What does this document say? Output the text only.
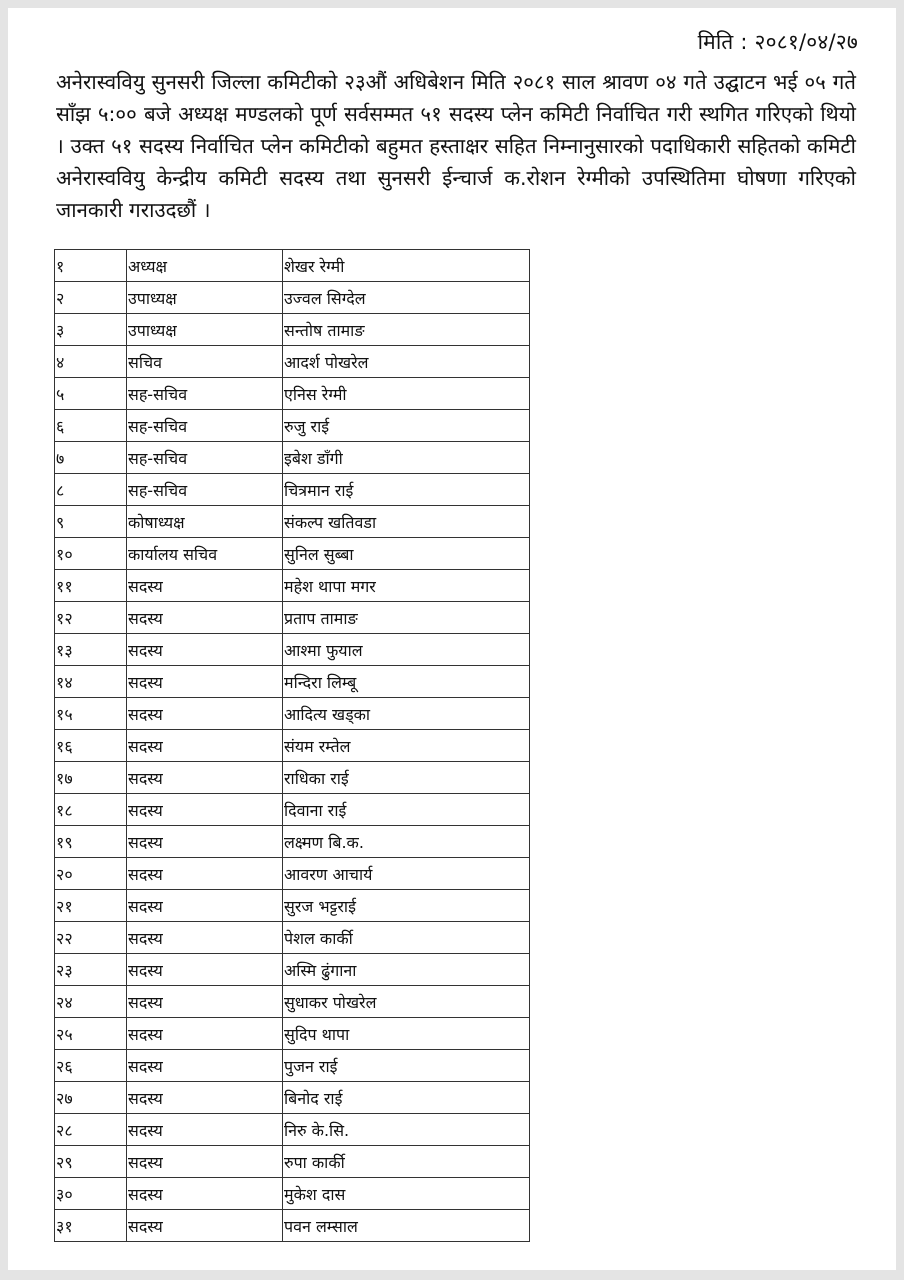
मिति : २०८१/०४/२७

अनेरास्ववियु सुनसरी जिल्ला कमिटीको २३औं अधिबेशन मिति २०८१ साल श्रावण ०४ गते उद्घाटन भई ०५ गते साँझ ५:०० बजे अध्यक्ष मण्डलको पूर्ण सर्वसम्मत ५१ सदस्य प्लेन कमिटी निर्वाचित गरी स्थगित गरिएको थियो । उक्त ५१ सदस्य निर्वाचित प्लेन कमिटीको बहुमत हस्ताक्षर सहित निम्नानुसारको पदाधिकारी सहितको कमिटी अनेरास्ववियु केन्द्रीय कमिटी सदस्य तथा सुनसरी ईन्चार्ज क.रोशन रेग्मीको उपस्थितिमा घोषणा गरिएको जानकारी गराउदछौं ।

१	अध्यक्ष	शेखर रेग्मी
२	उपाध्यक्ष	उज्वल सिग्देल
३	उपाध्यक्ष	सन्तोष तामाङ
४	सचिव	आदर्श पोखरेल
५	सह-सचिव	एनिस रेग्मी
६	सह-सचिव	रुजु राई
७	सह-सचिव	इबेश डाँगी
८	सह-सचिव	चित्रमान राई
९	कोषाध्यक्ष	संकल्प खतिवडा
१०	कार्यालय सचिव	सुनिल सुब्बा
११	सदस्य	महेश थापा मगर
१२	सदस्य	प्रताप तामाङ
१३	सदस्य	आश्मा फुयाल
१४	सदस्य	मन्दिरा लिम्बू
१५	सदस्य	आदित्य खड्का
१६	सदस्य	संयम रम्तेल
१७	सदस्य	राधिका राई
१८	सदस्य	दिवाना राई
१९	सदस्य	लक्ष्मण बि.क.
२०	सदस्य	आवरण आचार्य
२१	सदस्य	सुरज भट्टराई
२२	सदस्य	पेशल कार्की
२३	सदस्य	अस्मि ढुंगाना
२४	सदस्य	सुधाकर पोखरेल
२५	सदस्य	सुदिप थापा
२६	सदस्य	पुजन राई
२७	सदस्य	बिनोद राई
२८	सदस्य	निरु के.सि.
२९	सदस्य	रुपा कार्की
३०	सदस्य	मुकेश दास
३१	सदस्य	पवन लम्साल
